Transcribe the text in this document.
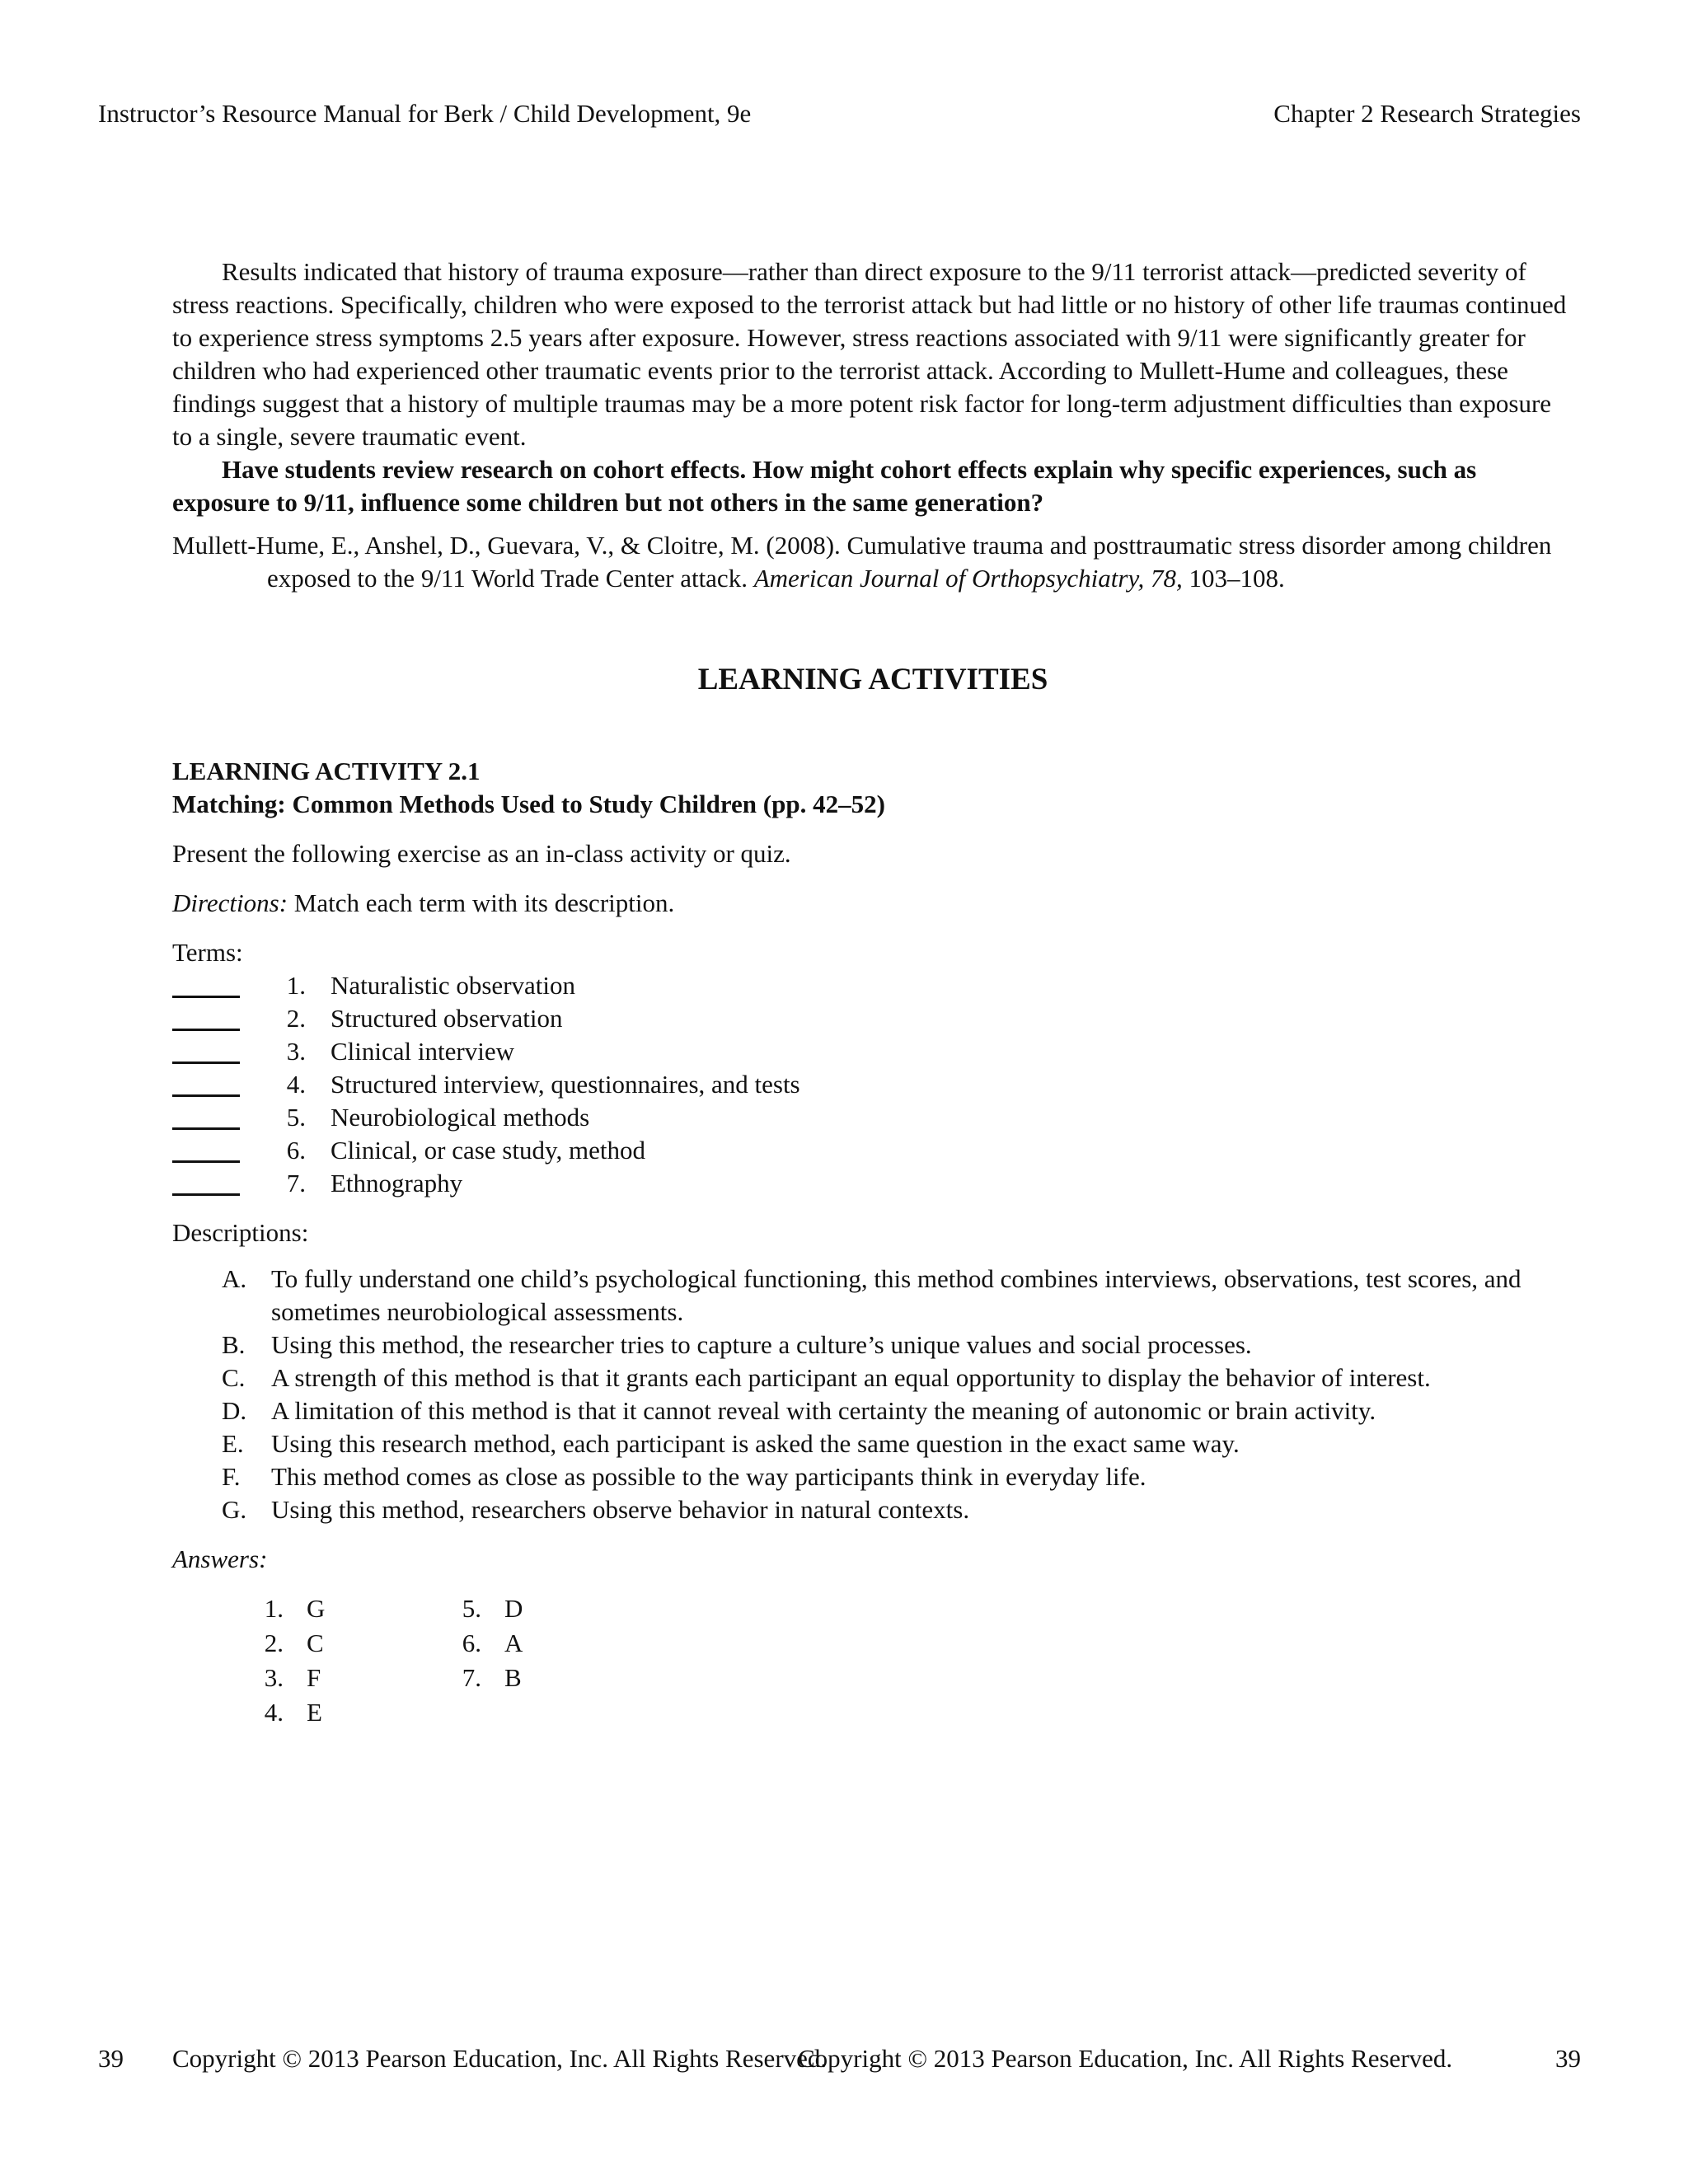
Instructor’s Resource Manual for Berk / Child Development, 9e	Chapter 2 Research Strategies

Results indicated that history of trauma exposure—rather than direct exposure to the 9/11 terrorist attack—predicted severity of stress reactions. Specifically, children who were exposed to the terrorist attack but had little or no history of other life traumas continued to experience stress symptoms 2.5 years after exposure. However, stress reactions associated with 9/11 were significantly greater for children who had experienced other traumatic events prior to the terrorist attack. According to Mullett-Hume and colleagues, these findings suggest that a history of multiple traumas may be a more potent risk factor for long-term adjustment difficulties than exposure to a single, severe traumatic event.

Have students review research on cohort effects. How might cohort effects explain why specific experiences, such as exposure to 9/11, influence some children but not others in the same generation?

Mullett-Hume, E., Anshel, D., Guevara, V., & Cloitre, M. (2008). Cumulative trauma and posttraumatic stress disorder among children exposed to the 9/11 World Trade Center attack. American Journal of Orthopsychiatry, 78, 103–108.

LEARNING ACTIVITIES
LEARNING ACTIVITY 2.1
Matching: Common Methods Used to Study Children (pp. 42–52)
Present the following exercise as an in-class activity or quiz.
Directions: Match each term with its description.
Terms:
1. Naturalistic observation
2. Structured observation
3. Clinical interview
4. Structured interview, questionnaires, and tests
5. Neurobiological methods
6. Clinical, or case study, method
7. Ethnography
Descriptions:
A. To fully understand one child’s psychological functioning, this method combines interviews, observations, test scores, and sometimes neurobiological assessments.
B.	Using this method, the researcher tries to capture a culture’s unique values and social processes.
C.	A strength of this method is that it grants each participant an equal opportunity to display the behavior of interest.
D. A limitation of this method is that it cannot reveal with certainty the meaning of autonomic or brain activity.
E.	Using this research method, each participant is asked the same question in the exact same way.
F.	This method comes as close as possible to the way participants think in everyday life.
G. Using this method, researchers observe behavior in natural contexts.
Answers:
1. G
2. C
3. F
4. E
5. D
6. A
7. B
39 Copyright © 2013 Pearson Education, Inc. All Rights Reserved.
Copyright © 2013 Pearson Education, Inc. All Rights Reserved.	39
